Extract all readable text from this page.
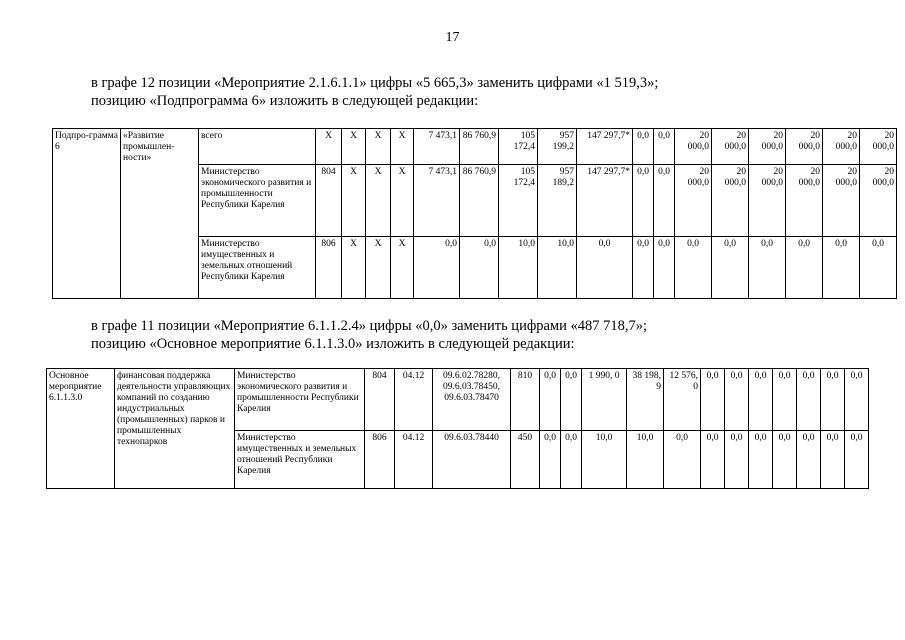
17
в графе 12 позиции «Мероприятие 2.1.6.1.1» цифры «5 665,3» заменить цифрами «1 519,3»;
позицию «Подпрограмма 6» изложить в следующей редакции:
Подпро-грамма 6	«Развитие промышлен-ности»	всего	Х	Х	Х	Х	7 473,1	86 760,9	105 172,4	957 199,2	147 297,7*	0,0	0,0	20 000,0	20 000,0	20 000,0	20 000,0	20 000,0	20 000,0
		Министерство экономического развития и промышленности Республики Карелия	804	Х	Х	Х	7 473,1	86 760,9	105 172,4	957 189,2	147 297,7*	0,0	0,0	20 000,0	20 000,0	20 000,0	20 000,0	20 000,0	20 000,0
		Министерство имущественных и земельных отношений Республики Карелия	806	Х	Х	Х	0,0	0,0	10,0	10,0	0,0	0,0	0,0	0,0	0,0	0,0	0,0	0,0	0,0
в графе 11 позиции «Мероприятие 6.1.1.2.4» цифры «0,0» заменить цифрами «487 718,7»;
позицию «Основное мероприятие 6.1.1.3.0» изложить в следующей редакции:
Основное мероприятие 6.1.1.3.0	финансовая поддержка деятельности управляющих компаний по созданию индустриальных (промышленных) парков и промышленных технопарков	Министерство экономического развития и промышленности Республики Карелия	804	04.12	09.6.02.78280, 09.6.03.78450, 09.6.03.78470	810	0,0	0,0	1 990, 0	38 198, 9	12 576, 0	0,0	0,0	0,0	0,0	0,0	0,0	0,0
		Министерство имущественных и земельных отношений Республики Карелия	806	04.12	09.6.03.78440	450	0,0	0,0	10,0	10,0	0,0	0,0	0,0	0,0	0,0	0,0	0,0	0,0
